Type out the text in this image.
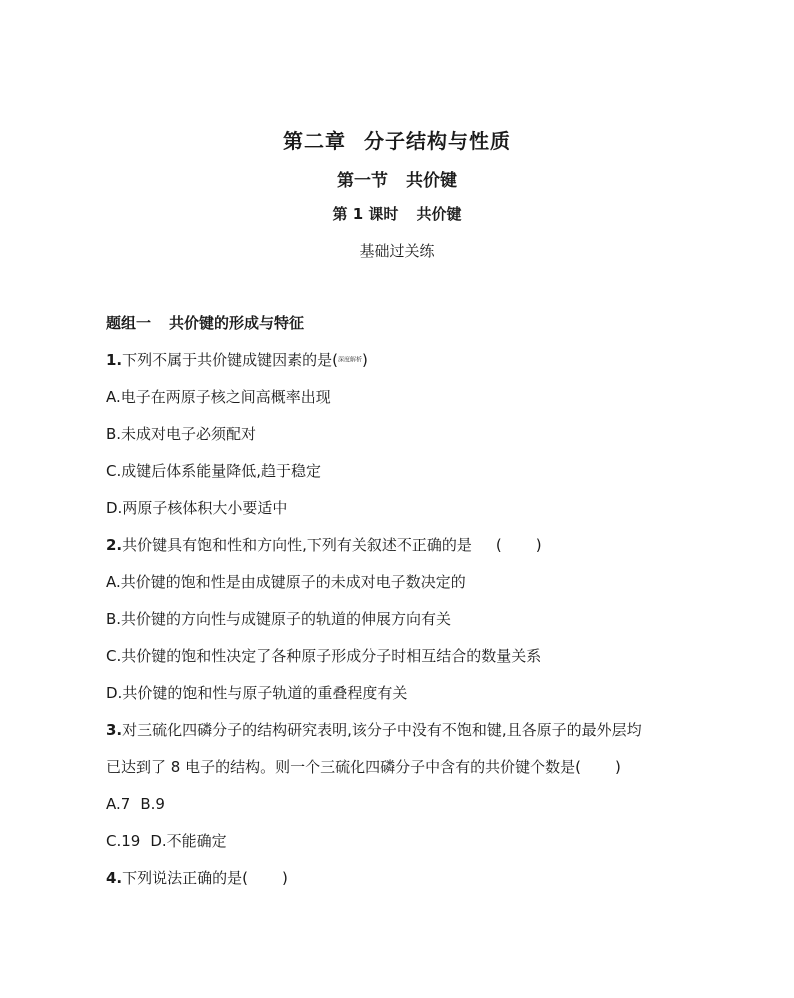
第二章 分子结构与性质
第一节 共价键
第 1 课时 共价键
基础过关练
题组一 共价键的形成与特征
1.下列不属于共价键成键因素的是(深度解析)
A.电子在两原子核之间高概率出现
B.未成对电子必须配对
C.成键后体系能量降低,趋于稳定
D.两原子核体积大小要适中
2.共价键具有饱和性和方向性,下列有关叙述不正确的是 ( )
A.共价键的饱和性是由成键原子的未成对电子数决定的
B.共价键的方向性与成键原子的轨道的伸展方向有关
C.共价键的饱和性决定了各种原子形成分子时相互结合的数量关系
D.共价键的饱和性与原子轨道的重叠程度有关
3.对三硫化四磷分子的结构研究表明,该分子中没有不饱和键,且各原子的最外层均
已达到了 8 电子的结构。则一个三硫化四磷分子中含有的共价键个数是( )
A.7 B.9
C.19 D.不能确定
4.下列说法正确的是( )
